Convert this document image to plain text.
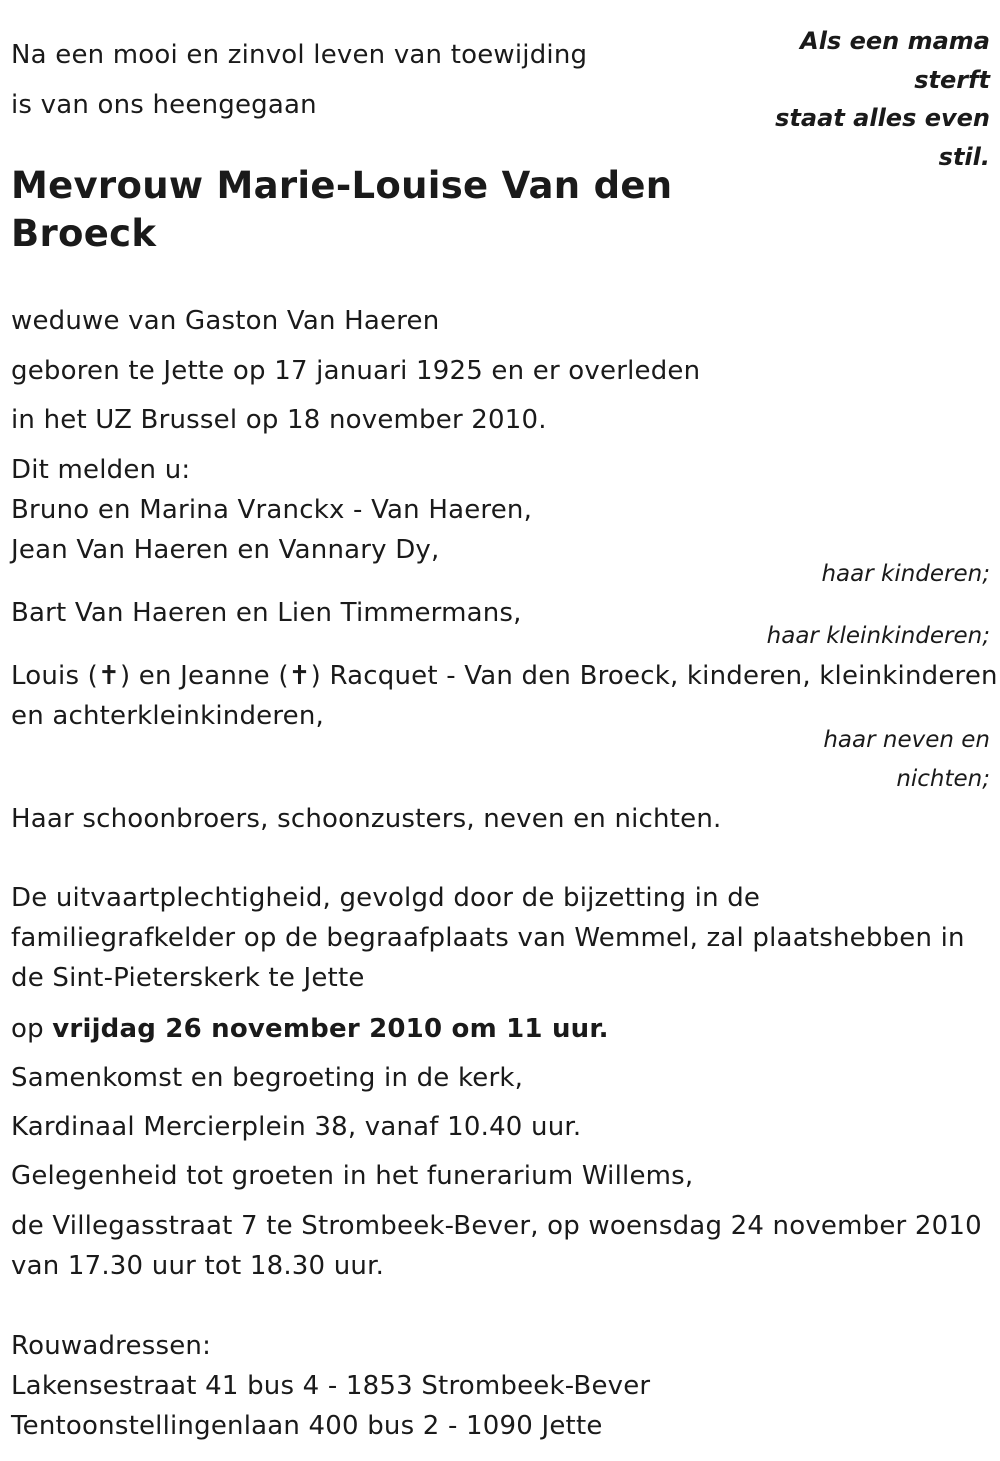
Na een mooi en zinvol leven van toewijding
is van ons heengegaan
Als een mama
sterft
staat alles even
stil.
Mevrouw Marie-Louise Van den
Broeck
weduwe van Gaston Van Haeren
geboren te Jette op 17 januari 1925 en er overleden
in het UZ Brussel op 18 november 2010.
Dit melden u:
Bruno en Marina Vranckx - Van Haeren,
Jean Van Haeren en Vannary Dy,
haar kinderen;
Bart Van Haeren en Lien Timmermans,
haar kleinkinderen;
Louis (✝) en Jeanne (✝) Racquet - Van den Broeck, kinderen, kleinkinderen
en achterkleinkinderen,
haar neven en
nichten;
Haar schoonbroers, schoonzusters, neven en nichten.
De uitvaartplechtigheid, gevolgd door de bijzetting in de
familiegrafkelder op de begraafplaats van Wemmel, zal plaatshebben in
de Sint-Pieterskerk te Jette
op vrijdag 26 november 2010 om 11 uur.
Samenkomst en begroeting in de kerk,
Kardinaal Mercierplein 38, vanaf 10.40 uur.
Gelegenheid tot groeten in het funerarium Willems,
de Villegasstraat 7 te Strombeek-Bever, op woensdag 24 november 2010
van 17.30 uur tot 18.30 uur.
Rouwadressen:
Lakensestraat 41 bus 4 - 1853 Strombeek-Bever
Tentoonstellingenlaan 400 bus 2 - 1090 Jette
